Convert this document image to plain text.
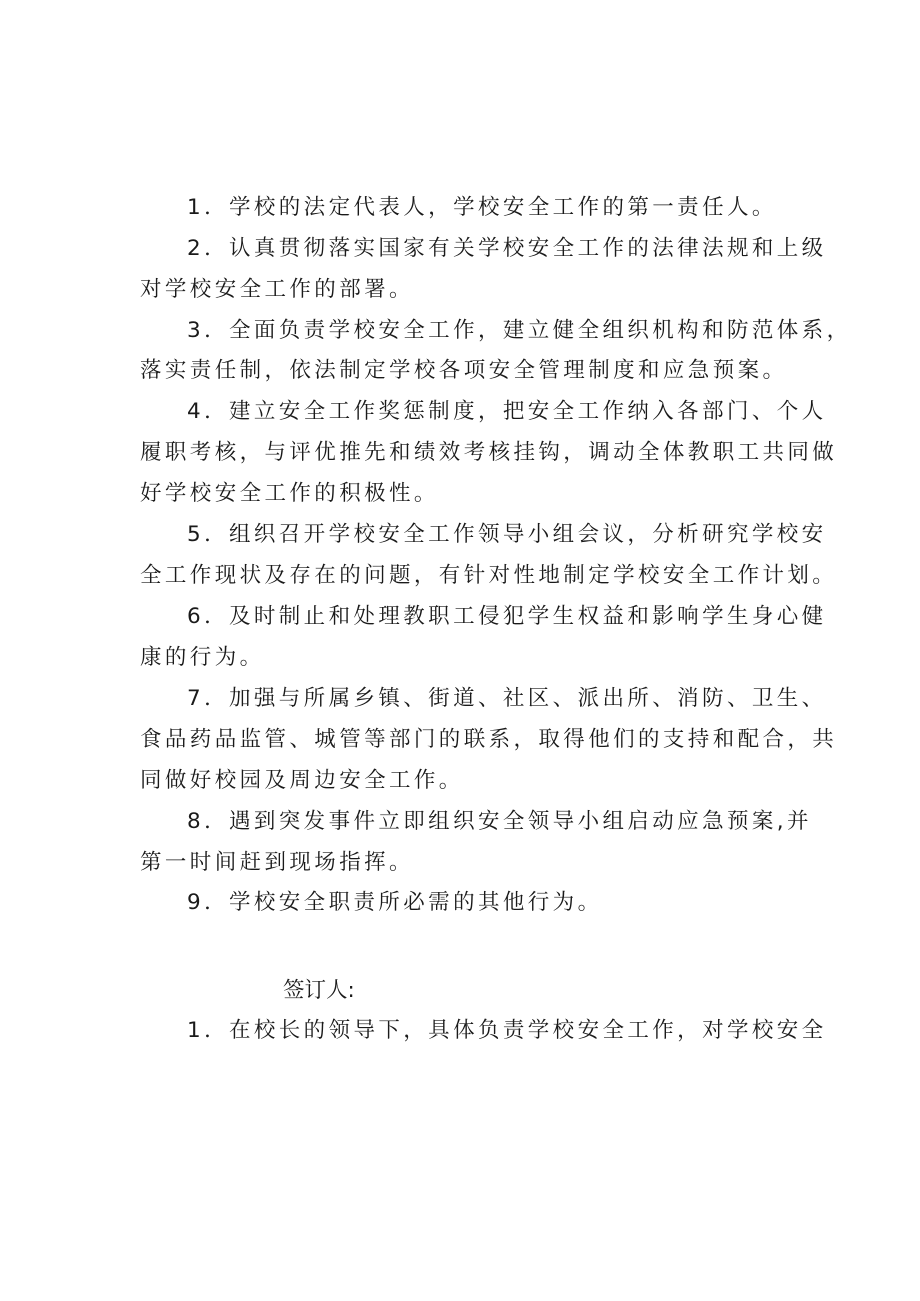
1．学校的法定代表人，学校安全工作的第一责任人。
2．认真贯彻落实国家有关学校安全工作的法律法规和上级
对学校安全工作的部署。
3．全面负责学校安全工作，建立健全组织机构和防范体系，
落实责任制，依法制定学校各项安全管理制度和应急预案。
4．建立安全工作奖惩制度，把安全工作纳入各部门、个人
履职考核，与评优推先和绩效考核挂钩，调动全体教职工共同做
好学校安全工作的积极性。
5．组织召开学校安全工作领导小组会议，分析研究学校安
全工作现状及存在的问题，有针对性地制定学校安全工作计划。
6．及时制止和处理教职工侵犯学生权益和影响学生身心健
康的行为。
7．加强与所属乡镇、街道、社区、派出所、消防、卫生、
食品药品监管、城管等部门的联系，取得他们的支持和配合，共
同做好校园及周边安全工作。
8．遇到突发事件立即组织安全领导小组启动应急预案,并
第一时间赶到现场指挥。
9．学校安全职责所必需的其他行为。
签订人:
1．在校长的领导下，具体负责学校安全工作，对学校安全
